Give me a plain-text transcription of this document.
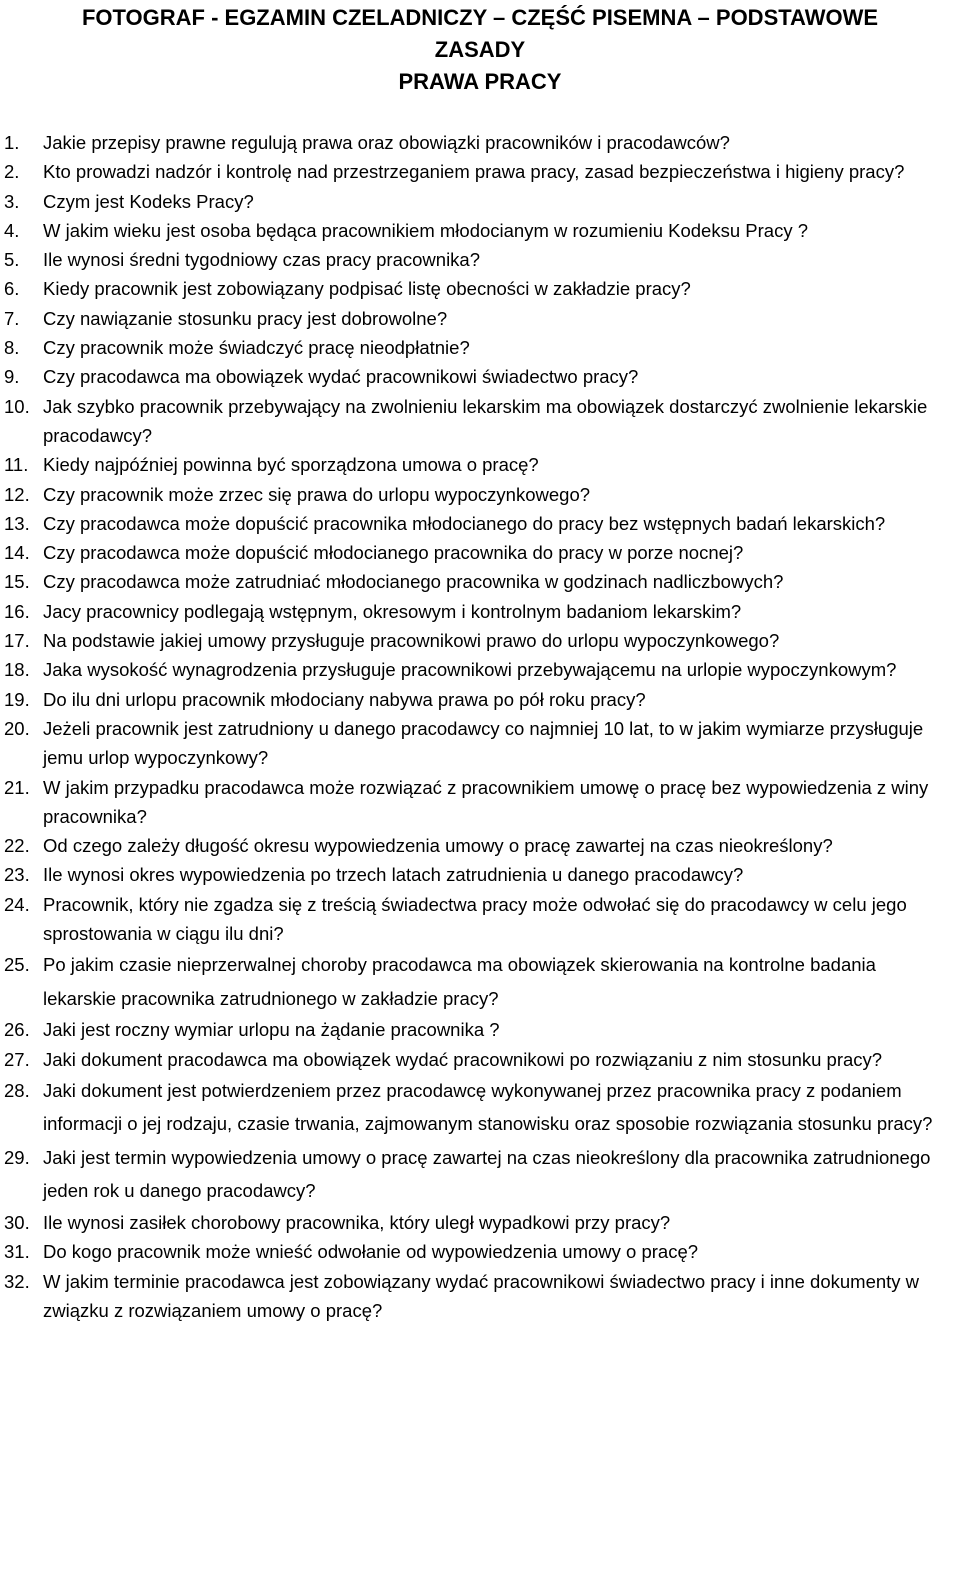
FOTOGRAF - EGZAMIN CZELADNICZY – CZĘŚĆ PISEMNA – PODSTAWOWE
ZASADY
PRAWA PRACY
1. Jakie przepisy prawne regulują prawa oraz obowiązki pracowników i pracodawców?
2. Kto prowadzi nadzór i kontrolę nad przestrzeganiem prawa pracy, zasad bezpieczeństwa i higieny pracy?
3. Czym jest Kodeks Pracy?
4. W jakim wieku jest osoba będąca pracownikiem młodocianym w rozumieniu Kodeksu Pracy ?
5. Ile wynosi średni tygodniowy czas pracy pracownika?
6. Kiedy pracownik jest zobowiązany podpisać listę obecności w zakładzie pracy?
7. Czy nawiązanie stosunku pracy jest dobrowolne?
8. Czy pracownik może świadczyć pracę nieodpłatnie?
9. Czy pracodawca ma obowiązek wydać pracownikowi świadectwo pracy?
10. Jak szybko pracownik przebywający na zwolnieniu lekarskim ma obowiązek dostarczyć zwolnienie lekarskie pracodawcy?
11. Kiedy najpóźniej powinna być sporządzona umowa o pracę?
12. Czy pracownik może zrzec się prawa do urlopu wypoczynkowego?
13. Czy pracodawca może dopuścić pracownika młodocianego do pracy bez wstępnych badań lekarskich?
14. Czy pracodawca może dopuścić młodocianego pracownika do pracy w porze nocnej?
15. Czy pracodawca może zatrudniać młodocianego pracownika w godzinach nadliczbowych?
16. Jacy pracownicy podlegają wstępnym, okresowym i kontrolnym badaniom lekarskim?
17. Na podstawie jakiej umowy przysługuje pracownikowi prawo do urlopu wypoczynkowego?
18. Jaka wysokość wynagrodzenia przysługuje pracownikowi przebywającemu na urlopie wypoczynkowym?
19. Do ilu dni urlopu pracownik młodociany nabywa prawa po pół roku pracy?
20. Jeżeli pracownik jest zatrudniony u danego pracodawcy co najmniej 10 lat, to w jakim wymiarze przysługuje jemu urlop wypoczynkowy?
21. W jakim przypadku pracodawca może rozwiązać z pracownikiem umowę o pracę bez wypowiedzenia z winy pracownika?
22. Od czego zależy długość okresu wypowiedzenia umowy o pracę zawartej na czas nieokreślony?
23. Ile wynosi okres wypowiedzenia po trzech latach zatrudnienia u danego pracodawcy?
24. Pracownik, który nie zgadza się z treścią świadectwa pracy może odwołać się do pracodawcy w celu jego sprostowania w ciągu ilu dni?
25. Po jakim czasie nieprzerwalnej choroby pracodawca ma obowiązek skierowania na kontrolne badania lekarskie pracownika zatrudnionego w zakładzie pracy?
26. Jaki jest roczny wymiar urlopu na żądanie pracownika ?
27. Jaki dokument pracodawca ma obowiązek wydać pracownikowi po rozwiązaniu z nim stosunku pracy?
28. Jaki dokument jest potwierdzeniem przez pracodawcę wykonywanej przez pracownika pracy z podaniem informacji o jej rodzaju, czasie trwania, zajmowanym stanowisku oraz sposobie rozwiązania stosunku pracy?
29. Jaki jest termin wypowiedzenia umowy o pracę zawartej na czas nieokreślony dla pracownika zatrudnionego jeden rok u danego pracodawcy?
30. Ile wynosi zasiłek chorobowy pracownika, który uległ wypadkowi przy pracy?
31. Do kogo pracownik może wnieść odwołanie od wypowiedzenia umowy o pracę?
32. W jakim terminie pracodawca jest zobowiązany wydać pracownikowi świadectwo pracy i inne dokumenty w związku z rozwiązaniem umowy o pracę?
